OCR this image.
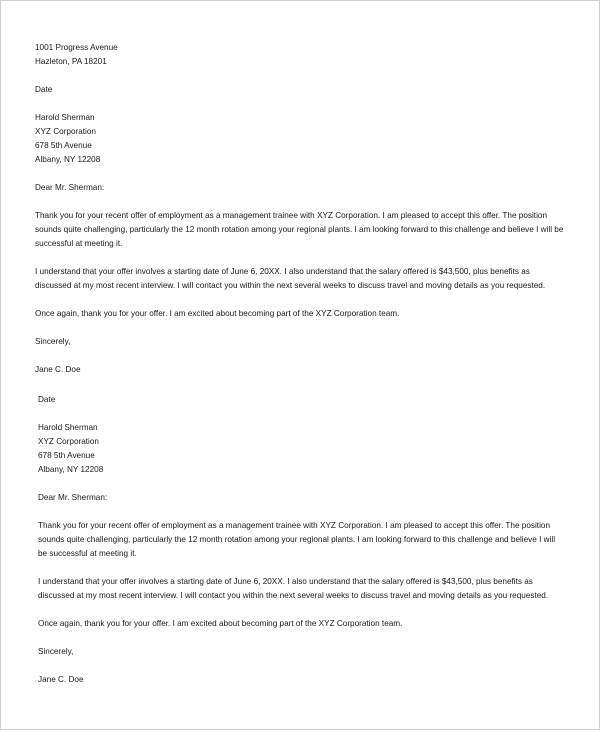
1001 Progress Avenue
Hazleton, PA 18201
Date
Harold Sherman
XYZ Corporation
678 5th Avenue
Albany, NY 12208
Dear Mr. Sherman:

Thank you for your recent offer of employment as a management trainee with XYZ Corporation. I am pleased to accept this offer. The position sounds quite challenging, particularly the 12 month rotation among your regional plants. I am looking forward to this challenge and believe I will be successful at meeting it.

I understand that your offer involves a starting date of June 6, 20XX. I also understand that the salary offered is $43,500, plus benefits as discussed at my most recent interview. I will contact you within the next several weeks to discuss travel and moving details as you requested.

Once again, thank you for your offer. I am excited about becoming part of the XYZ Corporation team.

Sincerely,
Jane C. Doe
Date
Harold Sherman
XYZ Corporation
678 5th Avenue
Albany, NY 12208
Dear Mr. Sherman:

Thank you for your recent offer of employment as a management trainee with XYZ Corporation. I am pleased to accept this offer. The position sounds quite challenging, particularly the 12 month rotation among your regional plants. I am looking forward to this challenge and believe I will be successful at meeting it.

I understand that your offer involves a starting date of June 6, 20XX. I also understand that the salary offered is $43,500, plus benefits as discussed at my most recent interview. I will contact you within the next several weeks to discuss travel and moving details as you requested.

Once again, thank you for your offer. I am excited about becoming part of the XYZ Corporation team.

Sincerely,
Jane C. Doe
